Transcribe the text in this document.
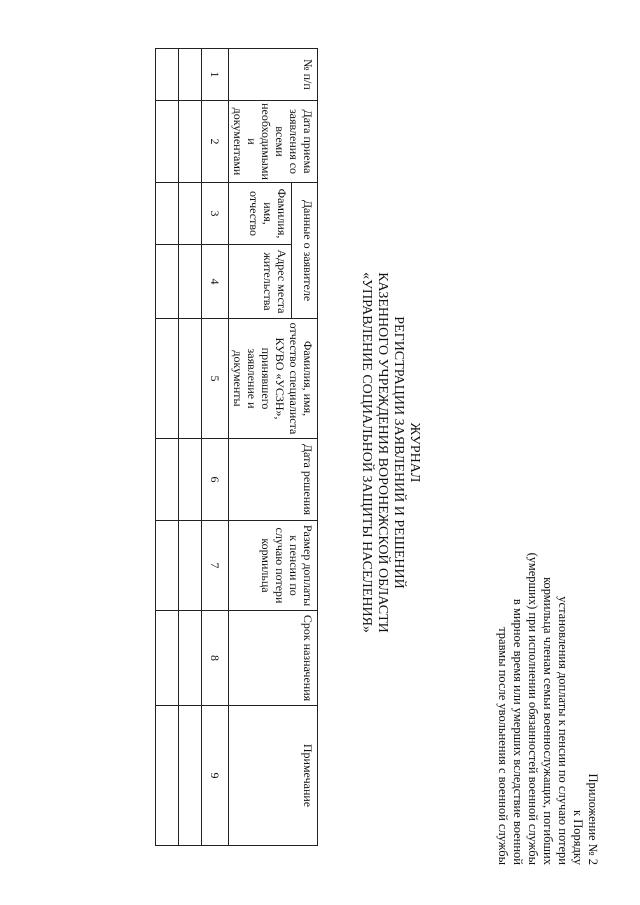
Приложение № 2
к Порядку
установления доплаты к пенсии по случаю потери
кормильца членам семьи военнослужащих, погибших
(умерших) при исполнении обязанностей военной службы
в мирное время или умерших вследствие военной
травмы после увольнения с военной службы
ЖУРНАЛ
РЕГИСТРАЦИИ ЗАЯВЛЕНИЙ И РЕШЕНИЙ
КАЗЕННОГО УЧРЕЖДЕНИЯ ВОРОНЕЖСКОЙ ОБЛАСТИ
«УПРАВЛЕНИЕ СОЦИАЛЬНОЙ ЗАЩИТЫ НАСЕЛЕНИЯ»
№ п/п	Дата приема заявления со всеми необходимыми и документами	Данные о заявителе		Фамилия, имя, отчество специалиста КУВО «УСЗН», принявшего заявление и документы	Дата решения	Размер доплаты к пенсии по случаю потери кормильца	Срок назначения	Примечание
		Фамилия, имя, отчество	Адрес места жительства					
1	2	3	4	5	6	7	8	9
